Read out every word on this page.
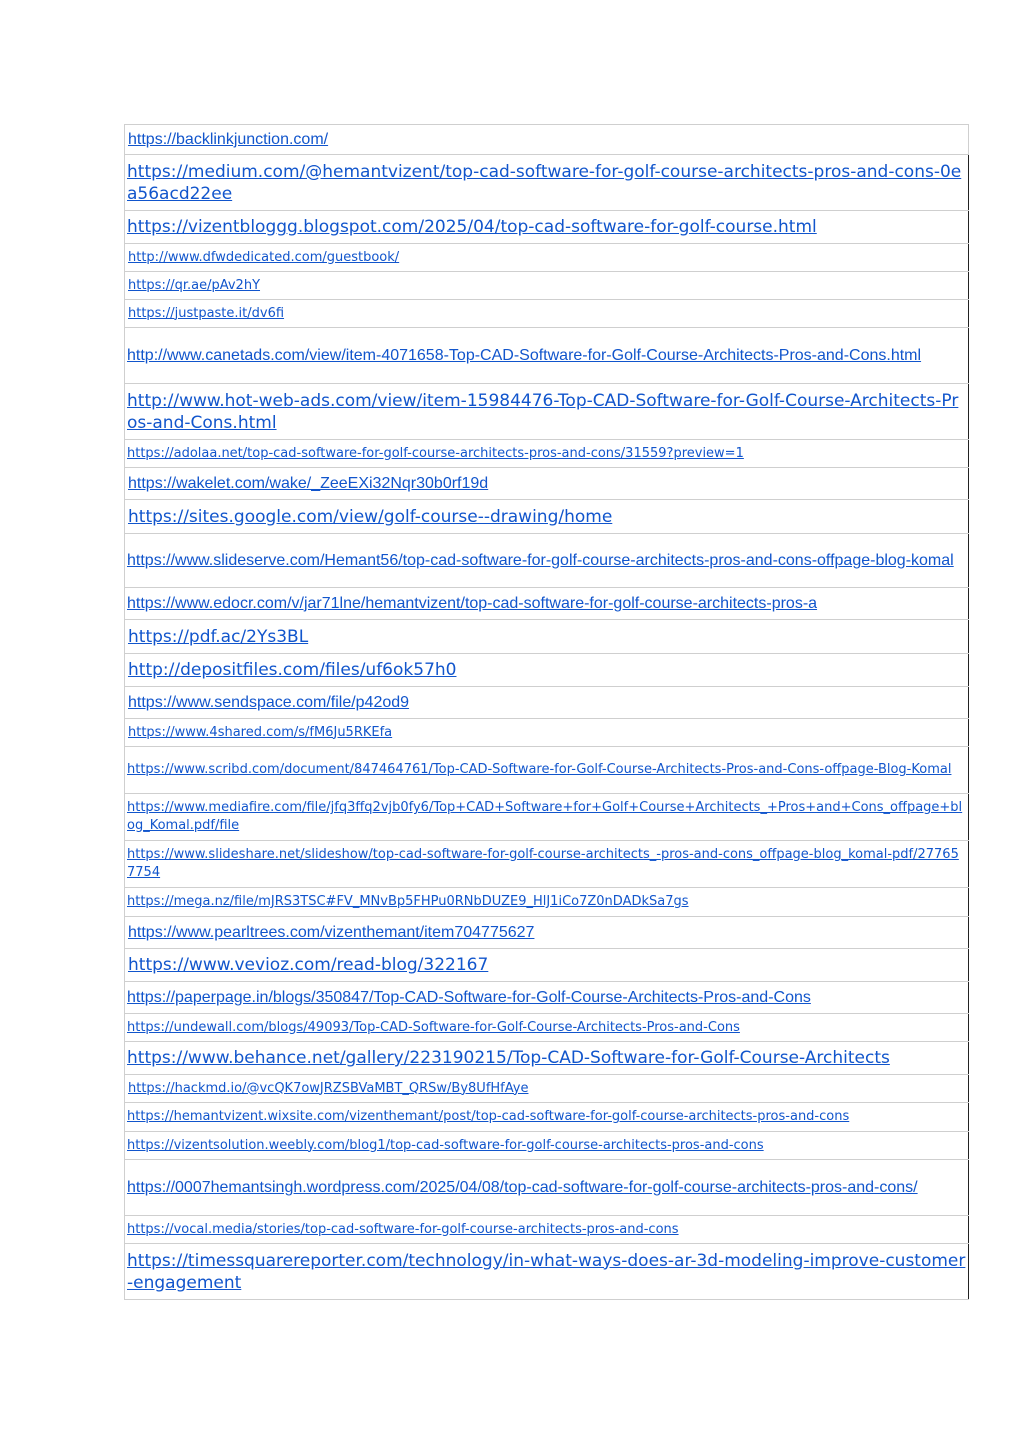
https://backlinkjunction.com/

https://medium.com/@hemantvizent/top-cad-software-for-golf-course-architects-pros-and-cons-0ea56acd22ee

https://vizentbloggg.blogspot.com/2025/04/top-cad-software-for-golf-course.html

http://www.dfwdedicated.com/guestbook/

https://qr.ae/pAv2hY

https://justpaste.it/dv6fi

http://www.canetads.com/view/item-4071658-Top-CAD-Software-for-Golf-Course-Architects-Pros-and-Cons.html

http://www.hot-web-ads.com/view/item-15984476-Top-CAD-Software-for-Golf-Course-Architects-Pros-and-Cons.html

https://adolaa.net/top-cad-software-for-golf-course-architects-pros-and-cons/31559?preview=1

https://wakelet.com/wake/_ZeeEXi32Nqr30b0rf19d

https://sites.google.com/view/golf-course--drawing/home

https://www.slideserve.com/Hemant56/top-cad-software-for-golf-course-architects-pros-and-cons-offpage-blog-komal

https://www.edocr.com/v/jar71lne/hemantvizent/top-cad-software-for-golf-course-architects-pros-a

https://pdf.ac/2Ys3BL

http://depositfiles.com/files/uf6ok57h0

https://www.sendspace.com/file/p42od9

https://www.4shared.com/s/fM6Ju5RKEfa

https://www.scribd.com/document/847464761/Top-CAD-Software-for-Golf-Course-Architects-Pros-and-Cons-offpage-Blog-Komal

https://www.mediafire.com/file/jfq3ffq2vjb0fy6/Top+CAD+Software+for+Golf+Course+Architects_+Pros+and+Cons_offpage+blog_Komal.pdf/file

https://www.slideshare.net/slideshow/top-cad-software-for-golf-course-architects_-pros-and-cons_offpage-blog_komal-pdf/277657754

https://mega.nz/file/mJRS3TSC#FV_MNvBp5FHPu0RNbDUZE9_HlJ1iCo7Z0nDADkSa7gs

https://www.pearltrees.com/vizenthemant/item704775627

https://www.vevioz.com/read-blog/322167

https://paperpage.in/blogs/350847/Top-CAD-Software-for-Golf-Course-Architects-Pros-and-Cons

https://undewall.com/blogs/49093/Top-CAD-Software-for-Golf-Course-Architects-Pros-and-Cons

https://www.behance.net/gallery/223190215/Top-CAD-Software-for-Golf-Course-Architects

https://hackmd.io/@vcQK7owJRZSBVaMBT_QRSw/By8UfHfAye

https://hemantvizent.wixsite.com/vizenthemant/post/top-cad-software-for-golf-course-architects-pros-and-cons

https://vizentsolution.weebly.com/blog1/top-cad-software-for-golf-course-architects-pros-and-cons

https://0007hemantsingh.wordpress.com/2025/04/08/top-cad-software-for-golf-course-architects-pros-and-cons/

https://vocal.media/stories/top-cad-software-for-golf-course-architects-pros-and-cons

https://timessquarereporter.com/technology/in-what-ways-does-ar-3d-modeling-improve-customer-engagement
